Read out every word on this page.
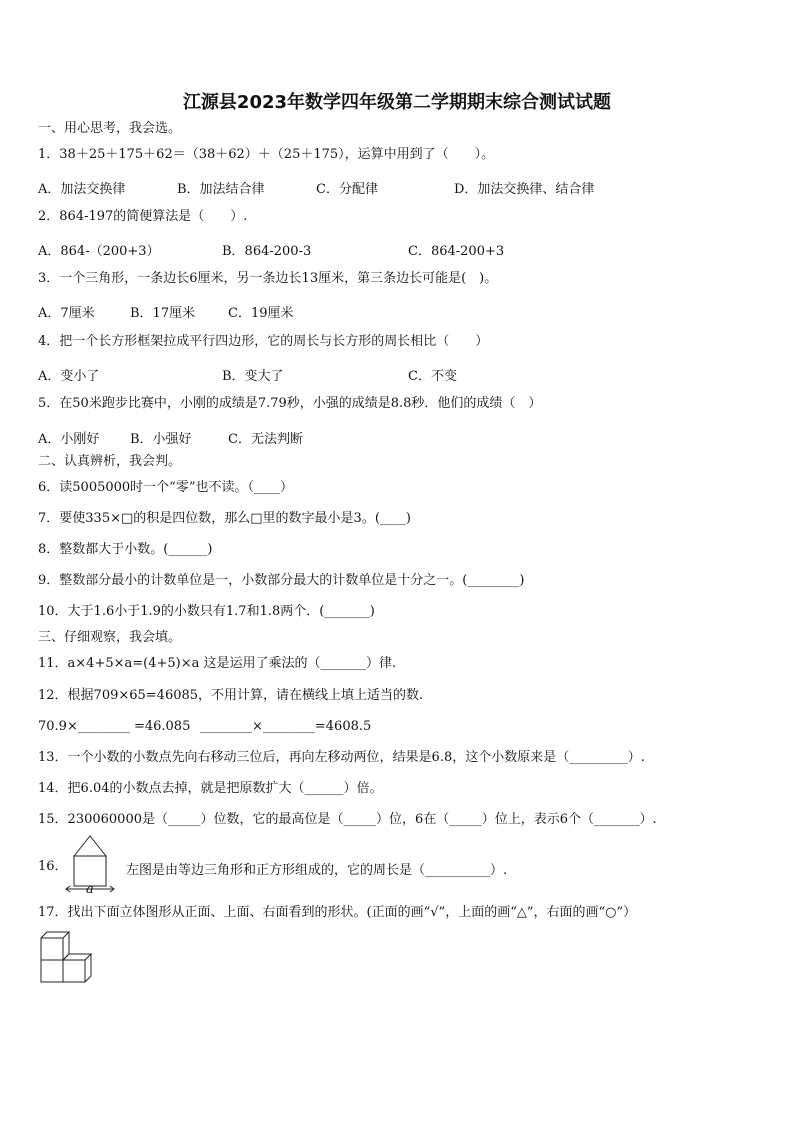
江源县2023年数学四年级第二学期期末综合测试试题
一、用心思考，我会选。
1．38＋25＋175＋62＝（38＋62）＋（25＋175），运算中用到了（　　）。
A．加法交换律	B．加法结合律	C．分配律	D．加法交换律、结合律
2．864-197的简便算法是（　　）.
A．864-（200+3）	B．864-200-3	C．864-200+3
3．一个三角形，一条边长6厘米，另一条边长13厘米，第三条边长可能是(　)。
A．7厘米	B．17厘米	C．19厘米
4．把一个长方形框架拉成平行四边形，它的周长与长方形的周长相比（　　）
A．变小了	B．变大了	C．不变
5．在50米跑步比赛中，小刚的成绩是7.79秒，小强的成绩是8.8秒．他们的成绩（　）
A．小刚好 B．小强好	C．无法判断
二、认真辨析，我会判。
6．读5005000时一个“零”也不读。（____）
7．要使335×□的积是四位数，那么□里的数字最小是3。(____)
8．整数都大于小数。(______)
9．整数部分最小的计数单位是一，小数部分最大的计数单位是十分之一。(________)
10．大于1.6小于1.9的小数只有1.7和1.8两个．(_______)
三、仔细观察，我会填。
11．a×4+5×a=(4+5)×a 这是运用了乘法的（_______）律.
12．根据709×65=46085，不用计算，请在横线上填上适当的数.
70.9×________ =46.085 ________×________=4608.5
13．一个小数的小数点先向右移动三位后，再向左移动两位，结果是6.8，这个小数原来是（_________）.
14．把6.04的小数点去掉，就是把原数扩大（______）倍。
15．230060000是（_____）位数，它的最高位是（_____）位，6在（_____）位上，表示6个（_______）.
16．
a
左图是由等边三角形和正方形组成的，它的周长是（__________）.
17．找出下面立体图形从正面、上面、右面看到的形状。(正面的画“√”，上面的画“△”，右面的画“○”）
